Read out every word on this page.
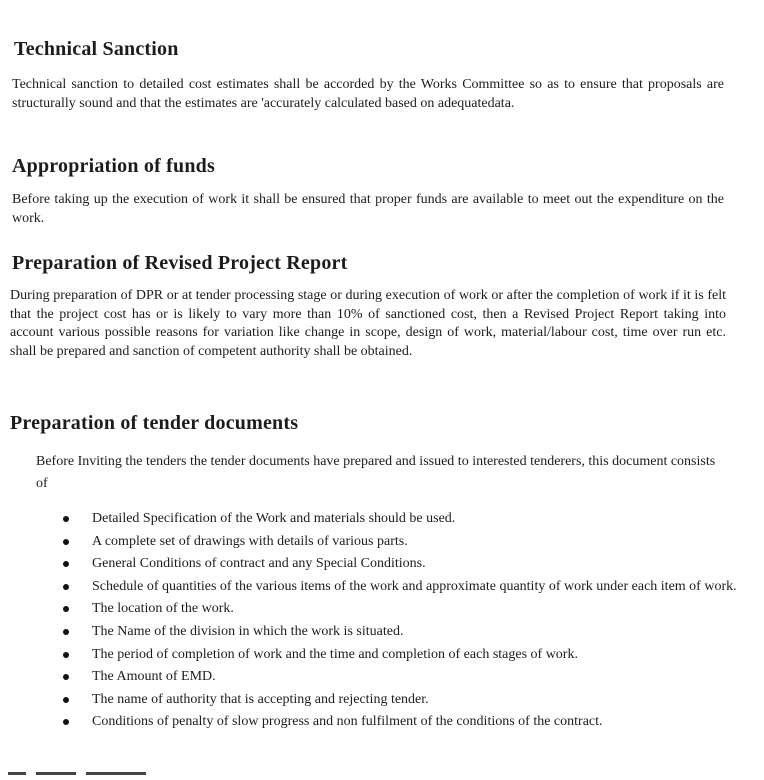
Technical Sanction

Technical sanction to detailed cost estimates shall be accorded by the Works Committee so as to ensure that proposals are structurally sound and that the estimates are 'accurately calculated based on adequatedata.

Appropriation of funds

Before taking up the execution of work it shall be ensured that proper funds are available to meet out the expenditure on the work.

Preparation of Revised Project Report

During preparation of DPR or at tender processing stage or during execution of work or after the completion of work if it is felt that the project cost has or is likely to vary more than 10% of sanctioned cost, then a Revised Project Report taking into account various possible reasons for variation like change in scope, design of work, material/labour cost, time over run etc. shall be prepared and sanction of competent authority shall be obtained.

Preparation of tender documents

Before Inviting the tenders the tender documents have prepared and issued to interested tenderers, this document consists of

Detailed Specification of the Work and materials should be used.
A complete set of drawings with details of various parts.
General Conditions of contract and any Special Conditions.
Schedule of quantities of the various items of the work and approximate quantity of work under each item of work.
The location of the work.
The Name of the division in which the work is situated.
The period of completion of work and the time and completion of each stages of work.
The Amount of EMD.
The name of authority that is accepting and rejecting tender.
Conditions of penalty of slow progress and non fulfilment of the conditions of the contract.
